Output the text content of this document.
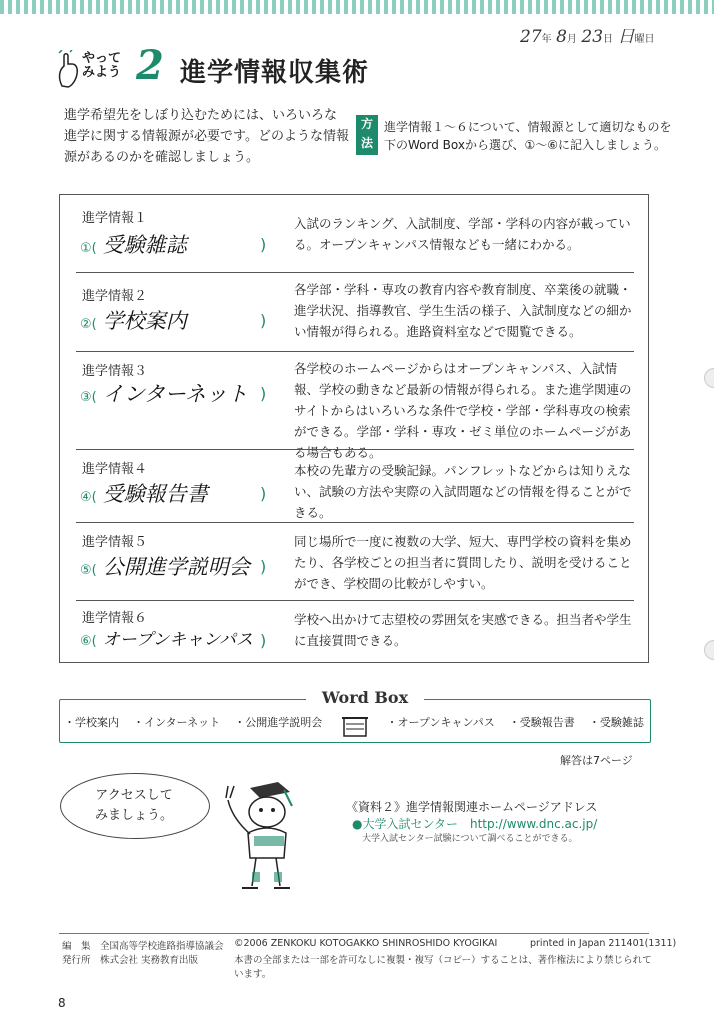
27年 8月 23日 日曜日
やって
みよう 2 進学情報収集術
進学希望先をしぼり込むためには、いろいろな進学に関する情報源が必要です。どのような情報源があるのかを確認しましょう。
方
法
進学情報１〜６について、情報源として適切なものを下のWord Boxから選び、①〜⑥に記入しましょう。
進学情報１
①( 受験雑誌	)
入試のランキング、入試制度、学部・学科の内容が載っている。オープンキャンパス情報なども一緒にわかる。
進学情報２
②( 学校案内	)
各学部・学科・専攻の教育内容や教育制度、卒業後の就職・進学状況、指導教官、学生生活の様子、入試制度などの細かい情報が得られる。進路資料室などで閲覧できる。
進学情報３
③( インターネット )
各学校のホームページからはオープンキャンパス、入試情報、学校の動きなど最新の情報が得られる。また進学関連のサイトからはいろいろな条件で学校・学部・学科専攻の検索ができる。学部・学科・専攻・ゼミ単位のホームページがある場合もある。
進学情報４
④( 受験報告書	)
本校の先輩方の受験記録。パンフレットなどからは知りえない、試験の方法や実際の入試問題などの情報を得ることができる。
進学情報５
⑤( 公開進学説明会 )
同じ場所で一度に複数の大学、短大、専門学校の資料を集めたり、各学校ごとの担当者に質問したり、説明を受けることができ、学校間の比較がしやすい。
進学情報６
⑥( オープンキャンパス )
学校へ出かけて志望校の雰囲気を実感できる。担当者や学生に直接質問できる。
Word Box
・学校案内 ・インターネット ・公開進学説明会	・オープンキャンパス ・受験報告書 ・受験雑誌
解答は7ページ
アクセスして
みましょう。
《資料２》進学情報関連ホームページアドレス
●大学入試センター　http://www.dnc.ac.jp/
大学入試センター試験について調べることができる。
編　集　 全国高等学校進路指導協議会
発行所　 株式会社 実務教育出版
©2006 ZENKOKU KOTOGAKKO SHINROSHIDO KYOGIKAI	printed in Japan 211401(1311)
本書の全部または一部を許可なしに複製・複写（コピー）することは、著作権法により禁じられています。
8
